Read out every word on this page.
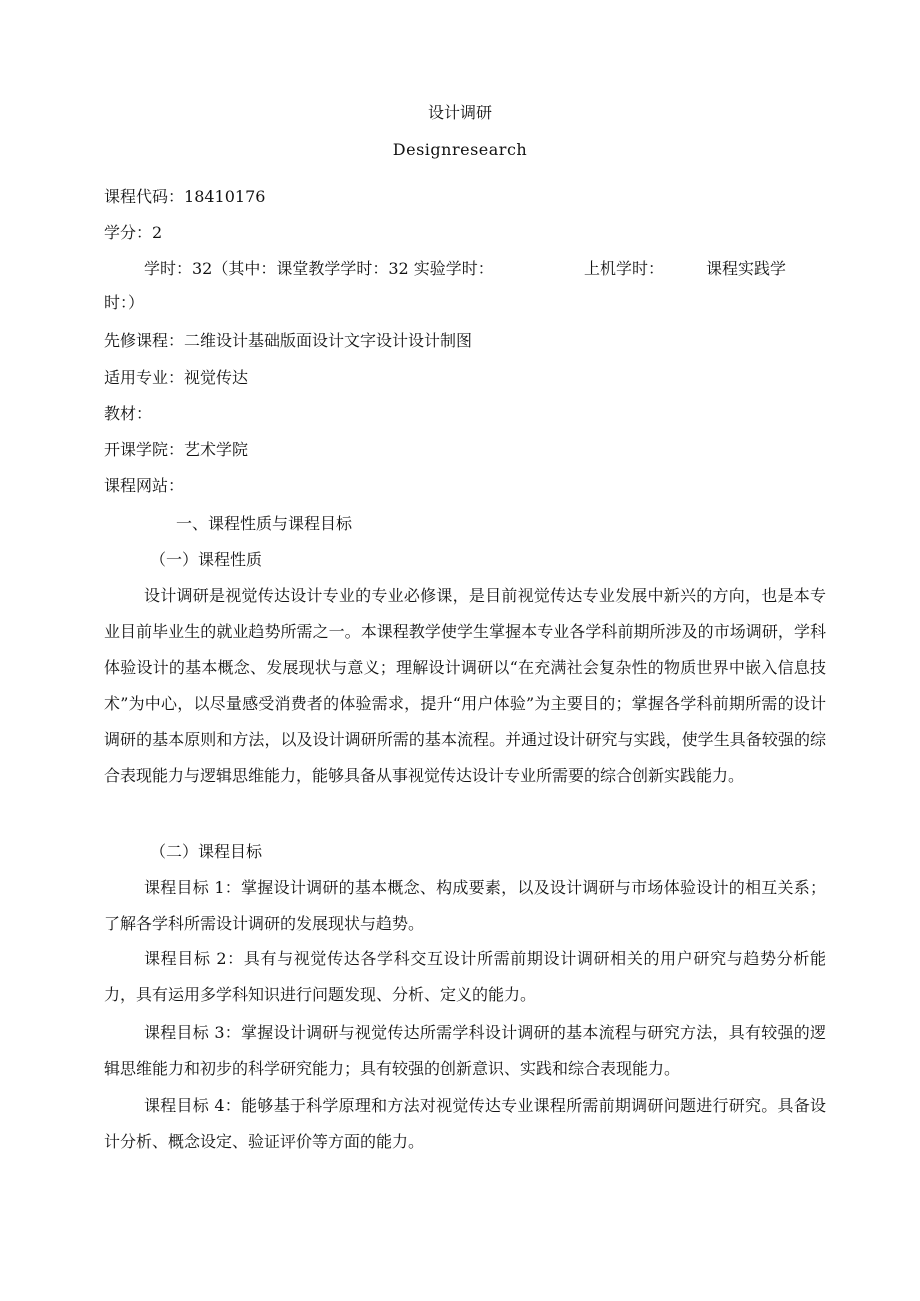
设计调研
Designresearch
课程代码：18410176
学分：2
学时：32（其中：课堂教学学时：32 实验学时：	上机学时：	课程实践学
时：）
先修课程：二维设计基础版面设计文字设计设计制图
适用专业：视觉传达
教材：
开课学院：艺术学院
课程网站：
一、课程性质与课程目标
（一）课程性质

设计调研是视觉传达设计专业的专业必修课，是目前视觉传达专业发展中新兴的方向，也是本专业目前毕业生的就业趋势所需之一。本课程教学使学生掌握本专业各学科前期所涉及的市场调研，学科体验设计的基本概念、发展现状与意义；理解设计调研以“在充满社会复杂性的物质世界中嵌入信息技术”为中心，以尽量感受消费者的体验需求，提升“用户体验”为主要目的；掌握各学科前期所需的设计调研的基本原则和方法，以及设计调研所需的基本流程。并通过设计研究与实践，使学生具备较强的综合表现能力与逻辑思维能力，能够具备从事视觉传达设计专业所需要的综合创新实践能力。

（二）课程目标

课程目标 1：掌握设计调研的基本概念、构成要素，以及设计调研与市场体验设计的相互关系；了解各学科所需设计调研的发展现状与趋势。

课程目标 2：具有与视觉传达各学科交互设计所需前期设计调研相关的用户研究与趋势分析能力，具有运用多学科知识进行问题发现、分析、定义的能力。

课程目标 3：掌握设计调研与视觉传达所需学科设计调研的基本流程与研究方法，具有较强的逻辑思维能力和初步的科学研究能力；具有较强的创新意识、实践和综合表现能力。

课程目标 4：能够基于科学原理和方法对视觉传达专业课程所需前期调研问题进行研究。具备设计分析、概念设定、验证评价等方面的能力。
